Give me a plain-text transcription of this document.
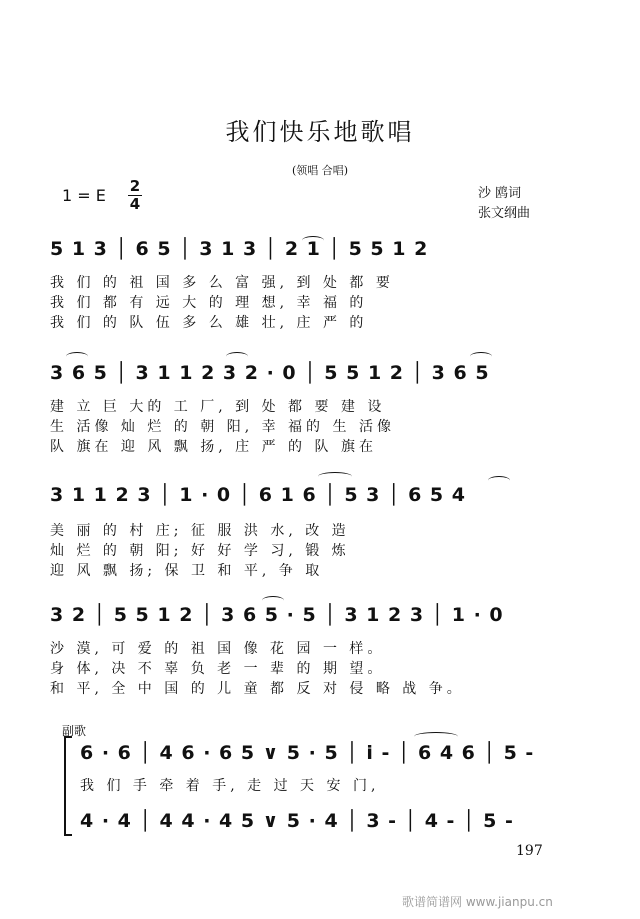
我们快乐地歌唱
(领唱 合唱)
1 = E 2
4
沙 鸥词
张文纲曲
5 1 3 │ 6 5 │ 3 1 3 │ 2 1 │ 5 5 1 2
我 们 的 祖 国 多 么 富 强, 到 处 都 要
我 们 都 有 远 大 的 理 想, 幸 福 的
我 们 的 队 伍 多 么 雄 壮, 庄 严 的
3 6 5 │ 3 1 1 2 3 2 · 0 │ 5 5 1 2 │ 3 6 5
建 立 巨 大的 工 厂, 到 处 都 要 建 设
生 活像 灿 烂 的 朝 阳, 幸 福的 生 活像
队 旗在 迎 风 飘 扬, 庄 严 的 队 旗在
3 1 1 2 3 │ 1 · 0 │ 6 1 6 │ 5 3 │ 6 5 4
美 丽 的 村 庄; 征 服 洪 水, 改 造
灿 烂 的 朝 阳; 好 好 学 习, 锻 炼
迎 风 飘 扬; 保 卫 和 平, 争 取
3 2 │ 5 5 1 2 │ 3 6 5 · 5 │ 3 1 2 3 │ 1 · 0
沙 漠, 可 爱 的 祖 国 像 花 园 一 样。
身 体, 决 不 辜 负 老 一 辈 的 期 望。
和 平, 全 中 国 的 儿 童 都 反 对 侵 略 战 争。
副歌
6 · 6 │ 4 6 · 6 5 ∨ 5 · 5 │ i - │ 6 4 6 │ 5 -
我 们 手 牵 着 手, 走 过 天 安 门,
4 · 4 │ 4 4 · 4 5 ∨ 5 · 4 │ 3 - │ 4 - │ 5 -
197
歌谱简谱网 www.jianpu.cn
